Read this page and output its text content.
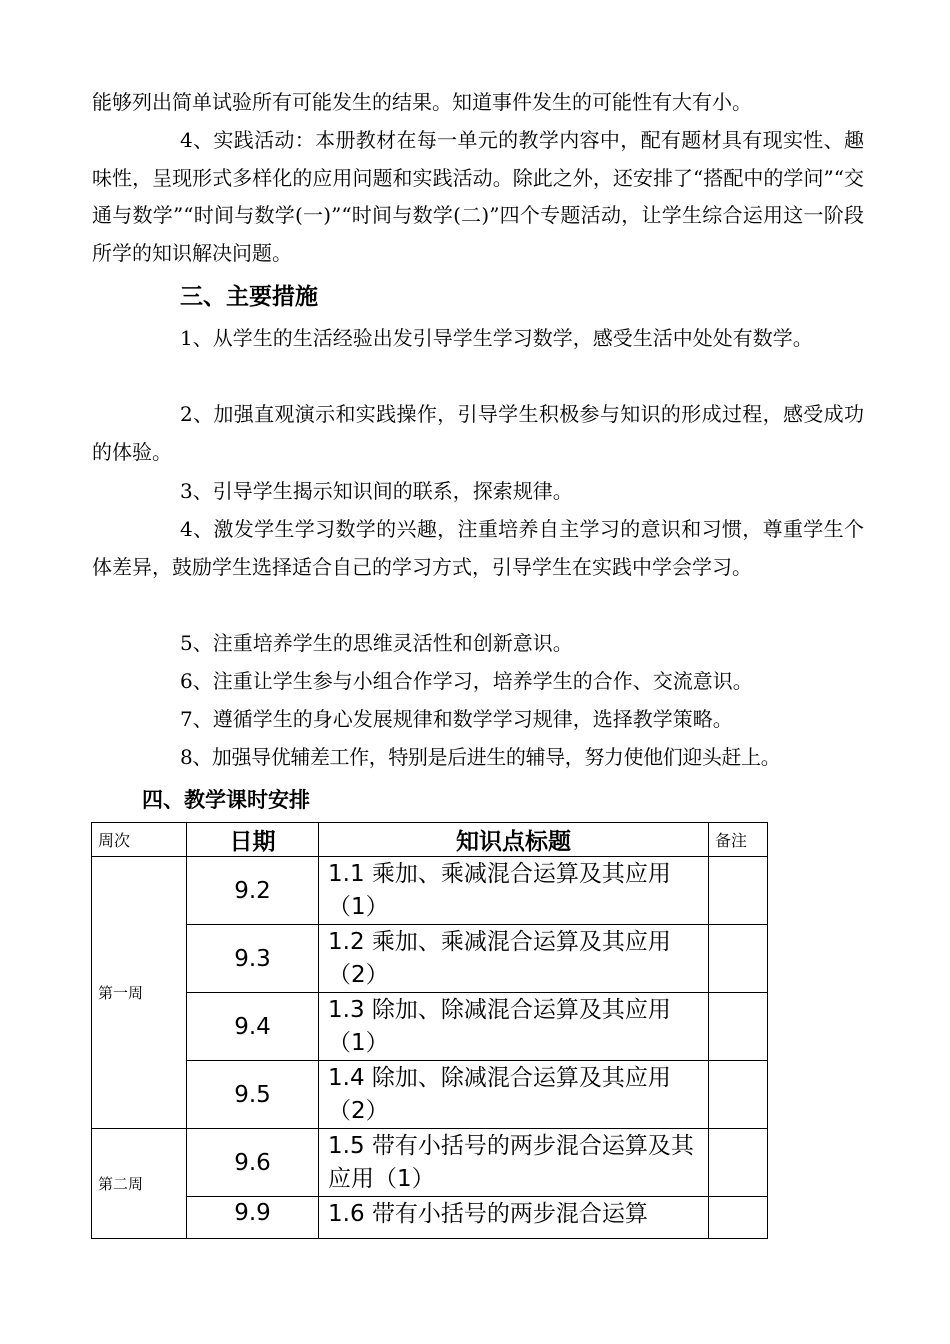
能够列出简单试验所有可能发生的结果。知道事件发生的可能性有大有小。

4、实践活动：本册教材在每一单元的教学内容中，配有题材具有现实性、趣味性，呈现形式多样化的应用问题和实践活动。除此之外，还安排了“搭配中的学问”“交通与数学”“时间与数学(一)”“时间与数学(二)”四个专题活动，让学生综合运用这一阶段所学的知识解决问题。

三、主要措施

1、从学生的生活经验出发引导学生学习数学，感受生活中处处有数学。

2、加强直观演示和实践操作，引导学生积极参与知识的形成过程，感受成功的体验。

3、引导学生揭示知识间的联系，探索规律。

4、激发学生学习数学的兴趣，注重培养自主学习的意识和习惯，尊重学生个体差异，鼓励学生选择适合自己的学习方式，引导学生在实践中学会学习。

5、注重培养学生的思维灵活性和创新意识。

6、注重让学生参与小组合作学习，培养学生的合作、交流意识。

7、遵循学生的身心发展规律和数学学习规律，选择教学策略。

8、加强导优辅差工作，特别是后进生的辅导，努力使他们迎头赶上。

四、教学课时安排
周次	日期	知识点标题	备注
第一周	9.2	1.1 乘加、乘减混合运算及其应用（1）	
	9.3	1.2 乘加、乘减混合运算及其应用（2）	
	9.4	1.3 除加、除减混合运算及其应用（1）	
	9.5	1.4 除加、除减混合运算及其应用（2）	
第二周	9.6	1.5 带有小括号的两步混合运算及其应用（1）	
	9.9	1.6 带有小括号的两步混合运算	
